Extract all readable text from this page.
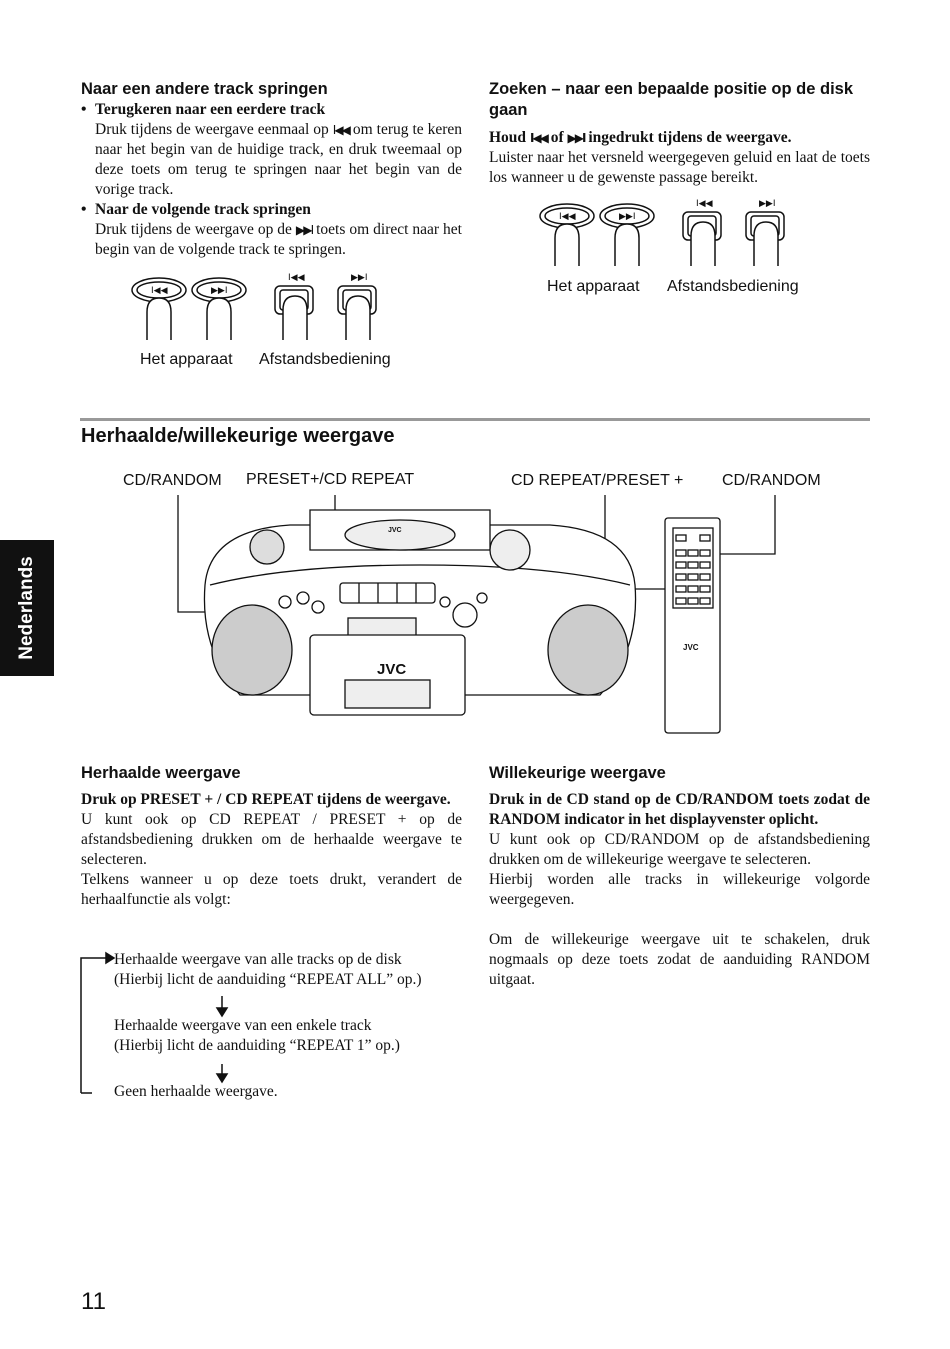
Naar een andere track springen
• Terugkeren naar een eerdere track
Druk tijdens de weergave eenmaal op I◀◀ om terug te keren naar het begin van de huidige track, en druk tweemaal op deze toets om terug te springen naar het begin van de vorige track.
• Naar de volgende track springen
Druk tijdens de weergave op de ▶▶I toets om direct naar het begin van de volgende track te springen.
I◀◀	▶▶I
I◀◀	▶▶I
Het apparaat Afstandsbediening
Zoeken – naar een bepaalde positie op de disk gaan
Houd I◀◀ of ▶▶I ingedrukt tijdens de weergave.
Luister naar het versneld weergegeven geluid en laat de toets los wanneer u de gewenste passage bereikt.
I◀◀	▶▶I
I◀◀	▶▶I
Het apparaat Afstandsbediening
Herhaalde/willekeurige weergave
CD/RANDOM PRESET+/CD REPEAT	CD REPEAT/PRESET + CD/RANDOM
JVC
JVC
JVC
Nederlands
Herhaalde weergave
Druk op PRESET + / CD REPEAT tijdens de weergave.
U kunt ook op CD REPEAT / PRESET + op de afstandsbediening drukken om de herhaalde weergave te selecteren.
Telkens wanneer u op deze toets drukt, verandert de herhaalfunctie als volgt:
Herhaalde weergave van alle tracks op de disk
(Hierbij licht de aanduiding “REPEAT ALL” op.)
Herhaalde weergave van een enkele track
(Hierbij licht de aanduiding “REPEAT 1” op.)
Geen herhaalde weergave.
Willekeurige weergave
Druk in de CD stand op de CD/RANDOM toets zodat de RANDOM indicator in het displayvenster oplicht.
U kunt ook op CD/RANDOM op de afstandsbediening drukken om de willekeurige weergave te selecteren.
Hierbij worden alle tracks in willekeurige volgorde weergegeven.
Om de willekeurige weergave uit te schakelen, druk nogmaals op deze toets zodat de aanduiding RANDOM uitgaat.
11
